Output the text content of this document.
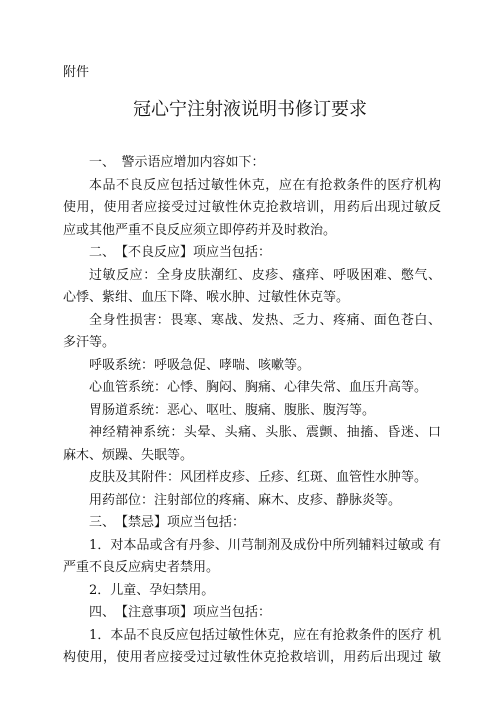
附件
冠心宁注射液说明书修订要求
一、　警示语应增加内容如下：
本品不良反应包括过敏性休克，应在有抢救条件的医疗机构
使用，使用者应接受过过敏性休克抢救培训，用药后出现过敏反
应或其他严重不良反应须立即停药并及时救治。
二、　【不良反应】项应当包括：
过敏反应：全身皮肤潮红、皮疹、瘙痒、呼吸困难、憋气、
心悸、紫绀、血压下降、喉水肿、过敏性休克等。
全身性损害：畏寒、寒战、发热、乏力、疼痛、面色苍白、
多汗等。
呼吸系统：呼吸急促、哮喘、咳嗽等。
心血管系统：心悸、胸闷、胸痛、心律失常、血压升高等。
胃肠道系统：恶心、呕吐、腹痛、腹胀、腹泻等。
神经精神系统：头晕、头痛、头胀、震颤、抽搐、昏迷、口
麻木、烦躁、失眠等。
皮肤及其附件：风团样皮疹、丘疹、红斑、血管性水肿等。
用药部位：注射部位的疼痛、麻木、皮疹、静脉炎等。
三、　【禁忌】项应当包括：
1．对本品或含有丹参、川芎制剂及成份中所列辅料过敏或 有
严重不良反应病史者禁用。
2．儿童、孕妇禁用。
四、　【注意事项】项应当包括：
1．本品不良反应包括过敏性休克，应在有抢救条件的医疗 机
构使用，使用者应接受过过敏性休克抢救培训，用药后出现过 敏
